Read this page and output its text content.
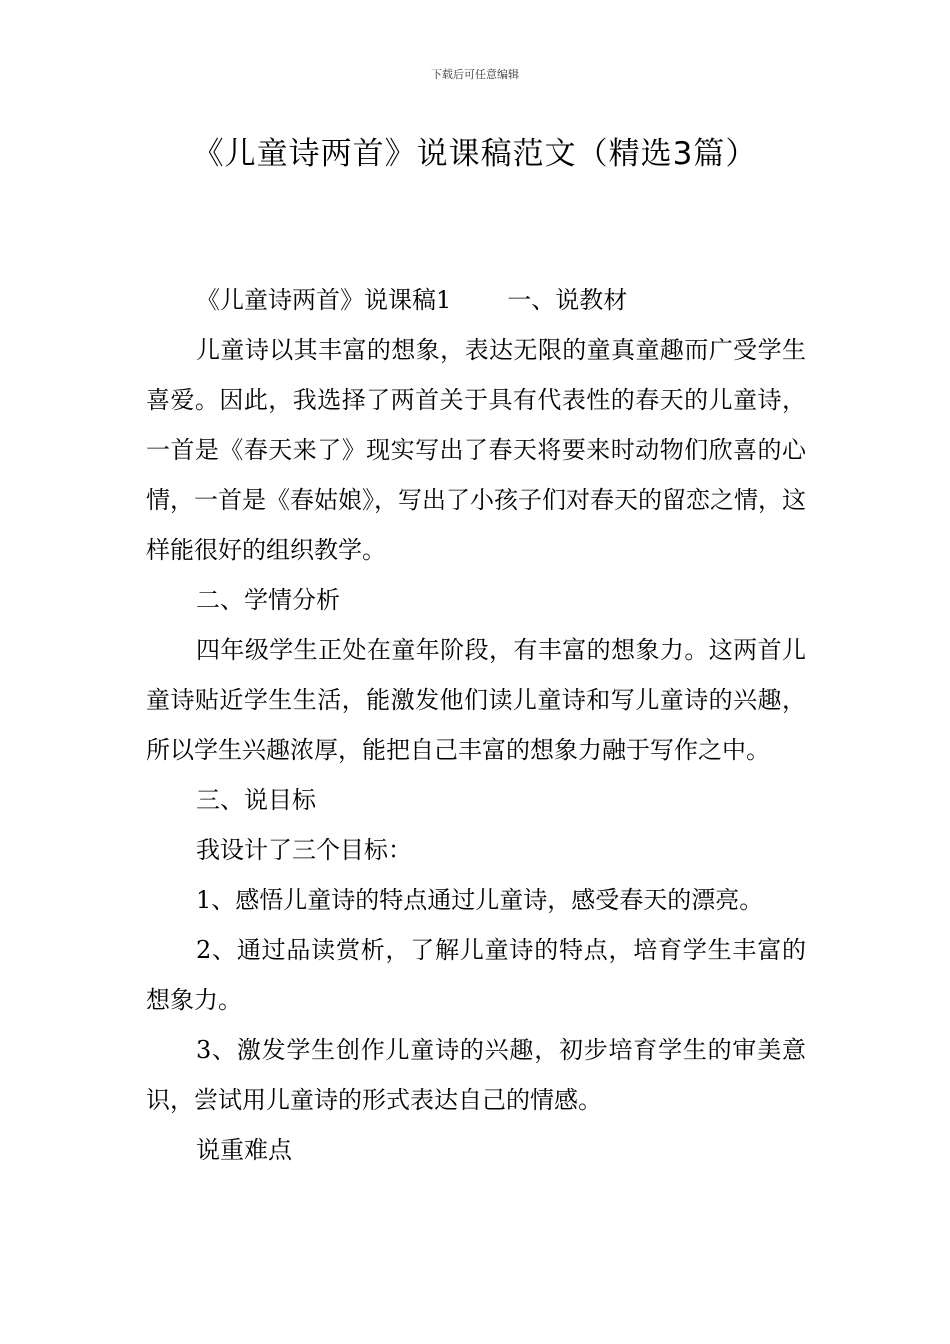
下载后可任意编辑
《儿童诗两首》说课稿范文（精选3篇）

《儿童诗两首》说课稿1 一、说教材

儿童诗以其丰富的想象，表达无限的童真童趣而广受学生喜爱。因此，我选择了两首关于具有代表性的春天的儿童诗，一首是《春天来了》现实写出了春天将要来时动物们欣喜的心情，一首是《春姑娘》，写出了小孩子们对春天的留恋之情，这样能很好的组织教学。

二、学情分析

四年级学生正处在童年阶段，有丰富的想象力。这两首儿童诗贴近学生生活，能激发他们读儿童诗和写儿童诗的兴趣，所以学生兴趣浓厚，能把自己丰富的想象力融于写作之中。

三、说目标

我设计了三个目标：

1、感悟儿童诗的特点通过儿童诗，感受春天的漂亮。

2、通过品读赏析，了解儿童诗的特点，培育学生丰富的想象力。

3、激发学生创作儿童诗的兴趣，初步培育学生的审美意识，尝试用儿童诗的形式表达自己的情感。

说重难点
